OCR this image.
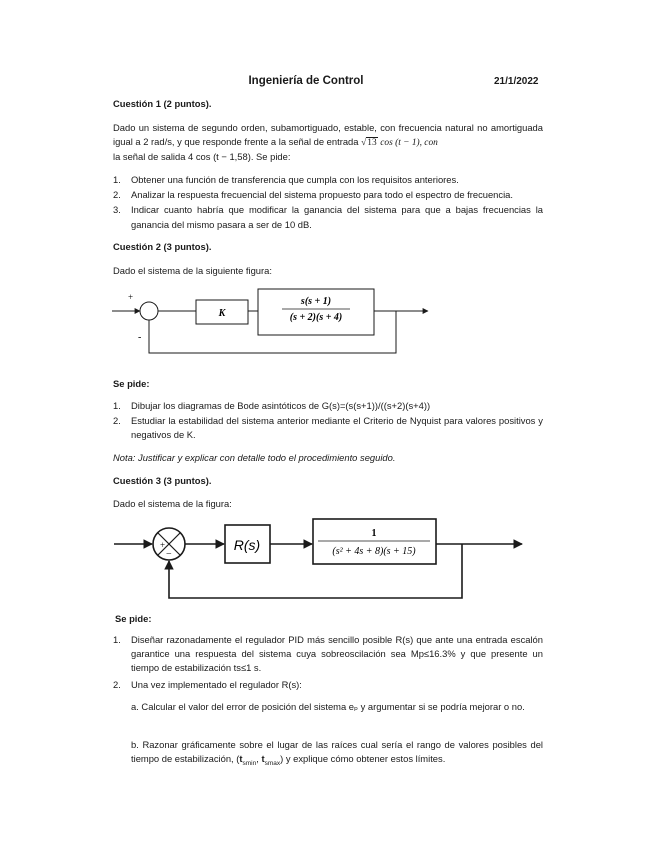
Ingeniería de Control	21/1/2022
Cuestión 1 (2 puntos).
Dado un sistema de segundo orden, subamortiguado, estable, con frecuencia natural no amortiguada igual a 2 rad/s, y que responde frente a la señal de entrada √13 cos (t − 1), con
la señal de salida 4 cos (t − 1,58). Se pide:
1. Obtener una función de transferencia que cumpla con los requisitos anteriores.
2. Analizar la respuesta frecuencial del sistema propuesto para todo el espectro de frecuencia.
3. Indicar cuanto habría que modificar la ganancia del sistema para que a bajas frecuencias la ganancia del mismo pasara a ser de 10 dB.
Cuestión 2 (3 puntos).
Dado el sistema de la siguiente figura:
+
-
K
s(s + 1)
(s + 2)(s + 4)
Se pide:
1. Dibujar los diagramas de Bode asintóticos de G(s)=(s(s+1))/((s+2)(s+4))
2. Estudiar la estabilidad del sistema anterior mediante el Criterio de Nyquist para valores positivos y negativos de K.
Nota: Justificar y explicar con detalle todo el procedimiento seguido.
Cuestión 3 (3 puntos).
Dado el sistema de la figura:
+
−
R(s)
1
(s² + 4s + 8)(s + 15)
Se pide:
1. Diseñar razonadamente el regulador PID más sencillo posible R(s) que ante una entrada escalón garantice una respuesta del sistema cuya sobreoscilación sea Mp≤16.3% y que presente un tiempo de estabilización ts≤1 s.
2. Una vez implementado el regulador R(s):
a. Calcular el valor del error de posición del sistema eₚ y argumentar si se podría mejorar o no.
b. Razonar gráficamente sobre el lugar de las raíces cual sería el rango de valores posibles del tiempo de estabilización, ($t_{smin}$, $t_{smax}$) y explique cómo obtener estos límites.
